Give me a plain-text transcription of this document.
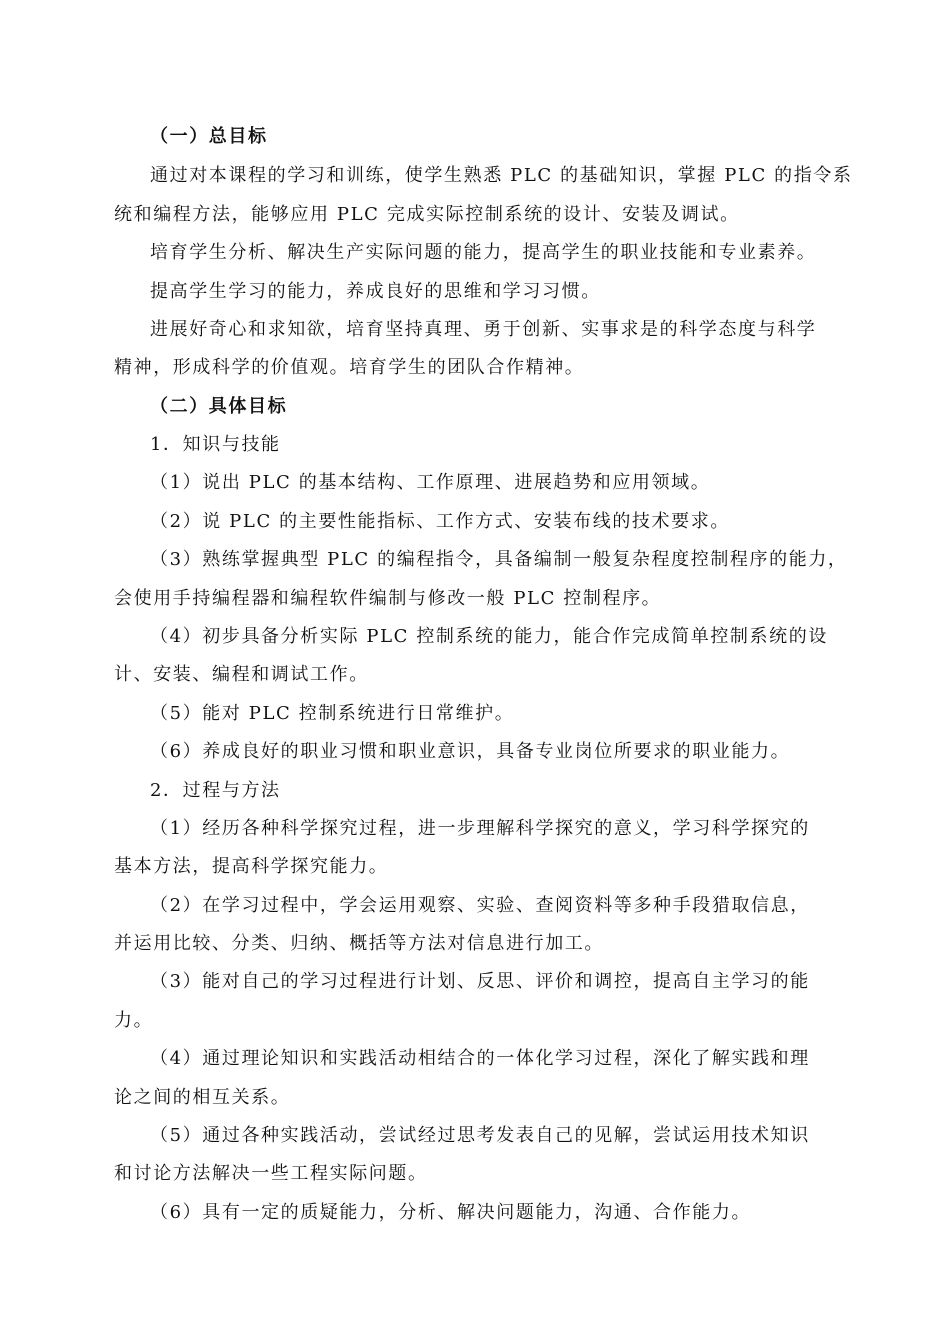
（一）总目标
通过对本课程的学习和训练，使学生熟悉 PLC 的基础知识，掌握 PLC 的指令系
统和编程方法，能够应用 PLC 完成实际控制系统的设计、安装及调试。
培育学生分析、解决生产实际问题的能力，提高学生的职业技能和专业素养。
提高学生学习的能力，养成良好的思维和学习习惯。
进展好奇心和求知欲，培育坚持真理、勇于创新、实事求是的科学态度与科学
精神，形成科学的价值观。培育学生的团队合作精神。
（二）具体目标
1．知识与技能
（1）说出 PLC 的基本结构、工作原理、进展趋势和应用领域。
（2）说 PLC 的主要性能指标、工作方式、安装布线的技术要求。
（3）熟练掌握典型 PLC 的编程指令，具备编制一般复杂程度控制程序的能力，
会使用手持编程器和编程软件编制与修改一般 PLC 控制程序。
（4）初步具备分析实际 PLC 控制系统的能力，能合作完成简单控制系统的设
计、安装、编程和调试工作。
（5）能对 PLC 控制系统进行日常维护。
（6）养成良好的职业习惯和职业意识，具备专业岗位所要求的职业能力。
2．过程与方法
（1）经历各种科学探究过程，进一步理解科学探究的意义，学习科学探究的
基本方法，提高科学探究能力。
（2）在学习过程中，学会运用观察、实验、查阅资料等多种手段猎取信息，
并运用比较、分类、归纳、概括等方法对信息进行加工。
（3）能对自己的学习过程进行计划、反思、评价和调控，提高自主学习的能
力。
（4）通过理论知识和实践活动相结合的一体化学习过程，深化了解实践和理
论之间的相互关系。
（5）通过各种实践活动，尝试经过思考发表自己的见解，尝试运用技术知识
和讨论方法解决一些工程实际问题。
（6）具有一定的质疑能力，分析、解决问题能力，沟通、合作能力。
